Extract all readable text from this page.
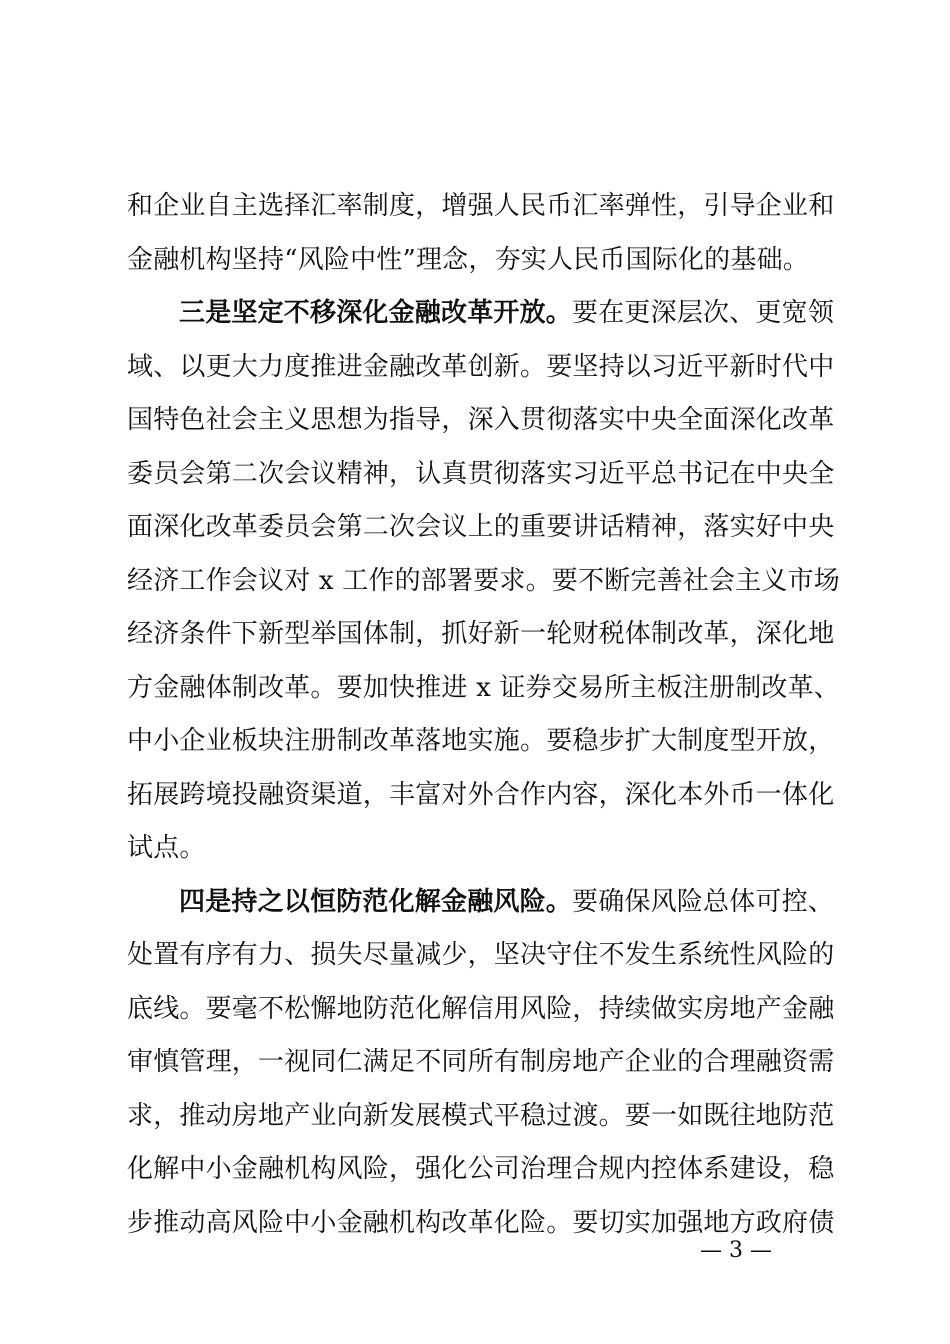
和企业自主选择汇率制度，增强人民币汇率弹性，引导企业和
金融机构坚持“风险中性”理念，夯实人民币国际化的基础。
三是坚定不移深化金融改革开放。要在更深层次、更宽领
域、以更大力度推进金融改革创新。要坚持以习近平新时代中
国特色社会主义思想为指导，深入贯彻落实中央全面深化改革
委员会第二次会议精神，认真贯彻落实习近平总书记在中央全
面深化改革委员会第二次会议上的重要讲话精神，落实好中央
经济工作会议对 x 工作的部署要求。要不断完善社会主义市场
经济条件下新型举国体制，抓好新一轮财税体制改革，深化地
方金融体制改革。要加快推进 x 证券交易所主板注册制改革、
中小企业板块注册制改革落地实施。要稳步扩大制度型开放，
拓展跨境投融资渠道，丰富对外合作内容，深化本外币一体化
试点。
四是持之以恒防范化解金融风险。要确保风险总体可控、
处置有序有力、损失尽量减少，坚决守住不发生系统性风险的
底线。要毫不松懈地防范化解信用风险，持续做实房地产金融
审慎管理，一视同仁满足不同所有制房地产企业的合理融资需
求，推动房地产业向新发展模式平稳过渡。要一如既往地防范
化解中小金融机构风险，强化公司治理合规内控体系建设，稳
步推动高风险中小金融机构改革化险。要切实加强地方政府债
— 3 —
